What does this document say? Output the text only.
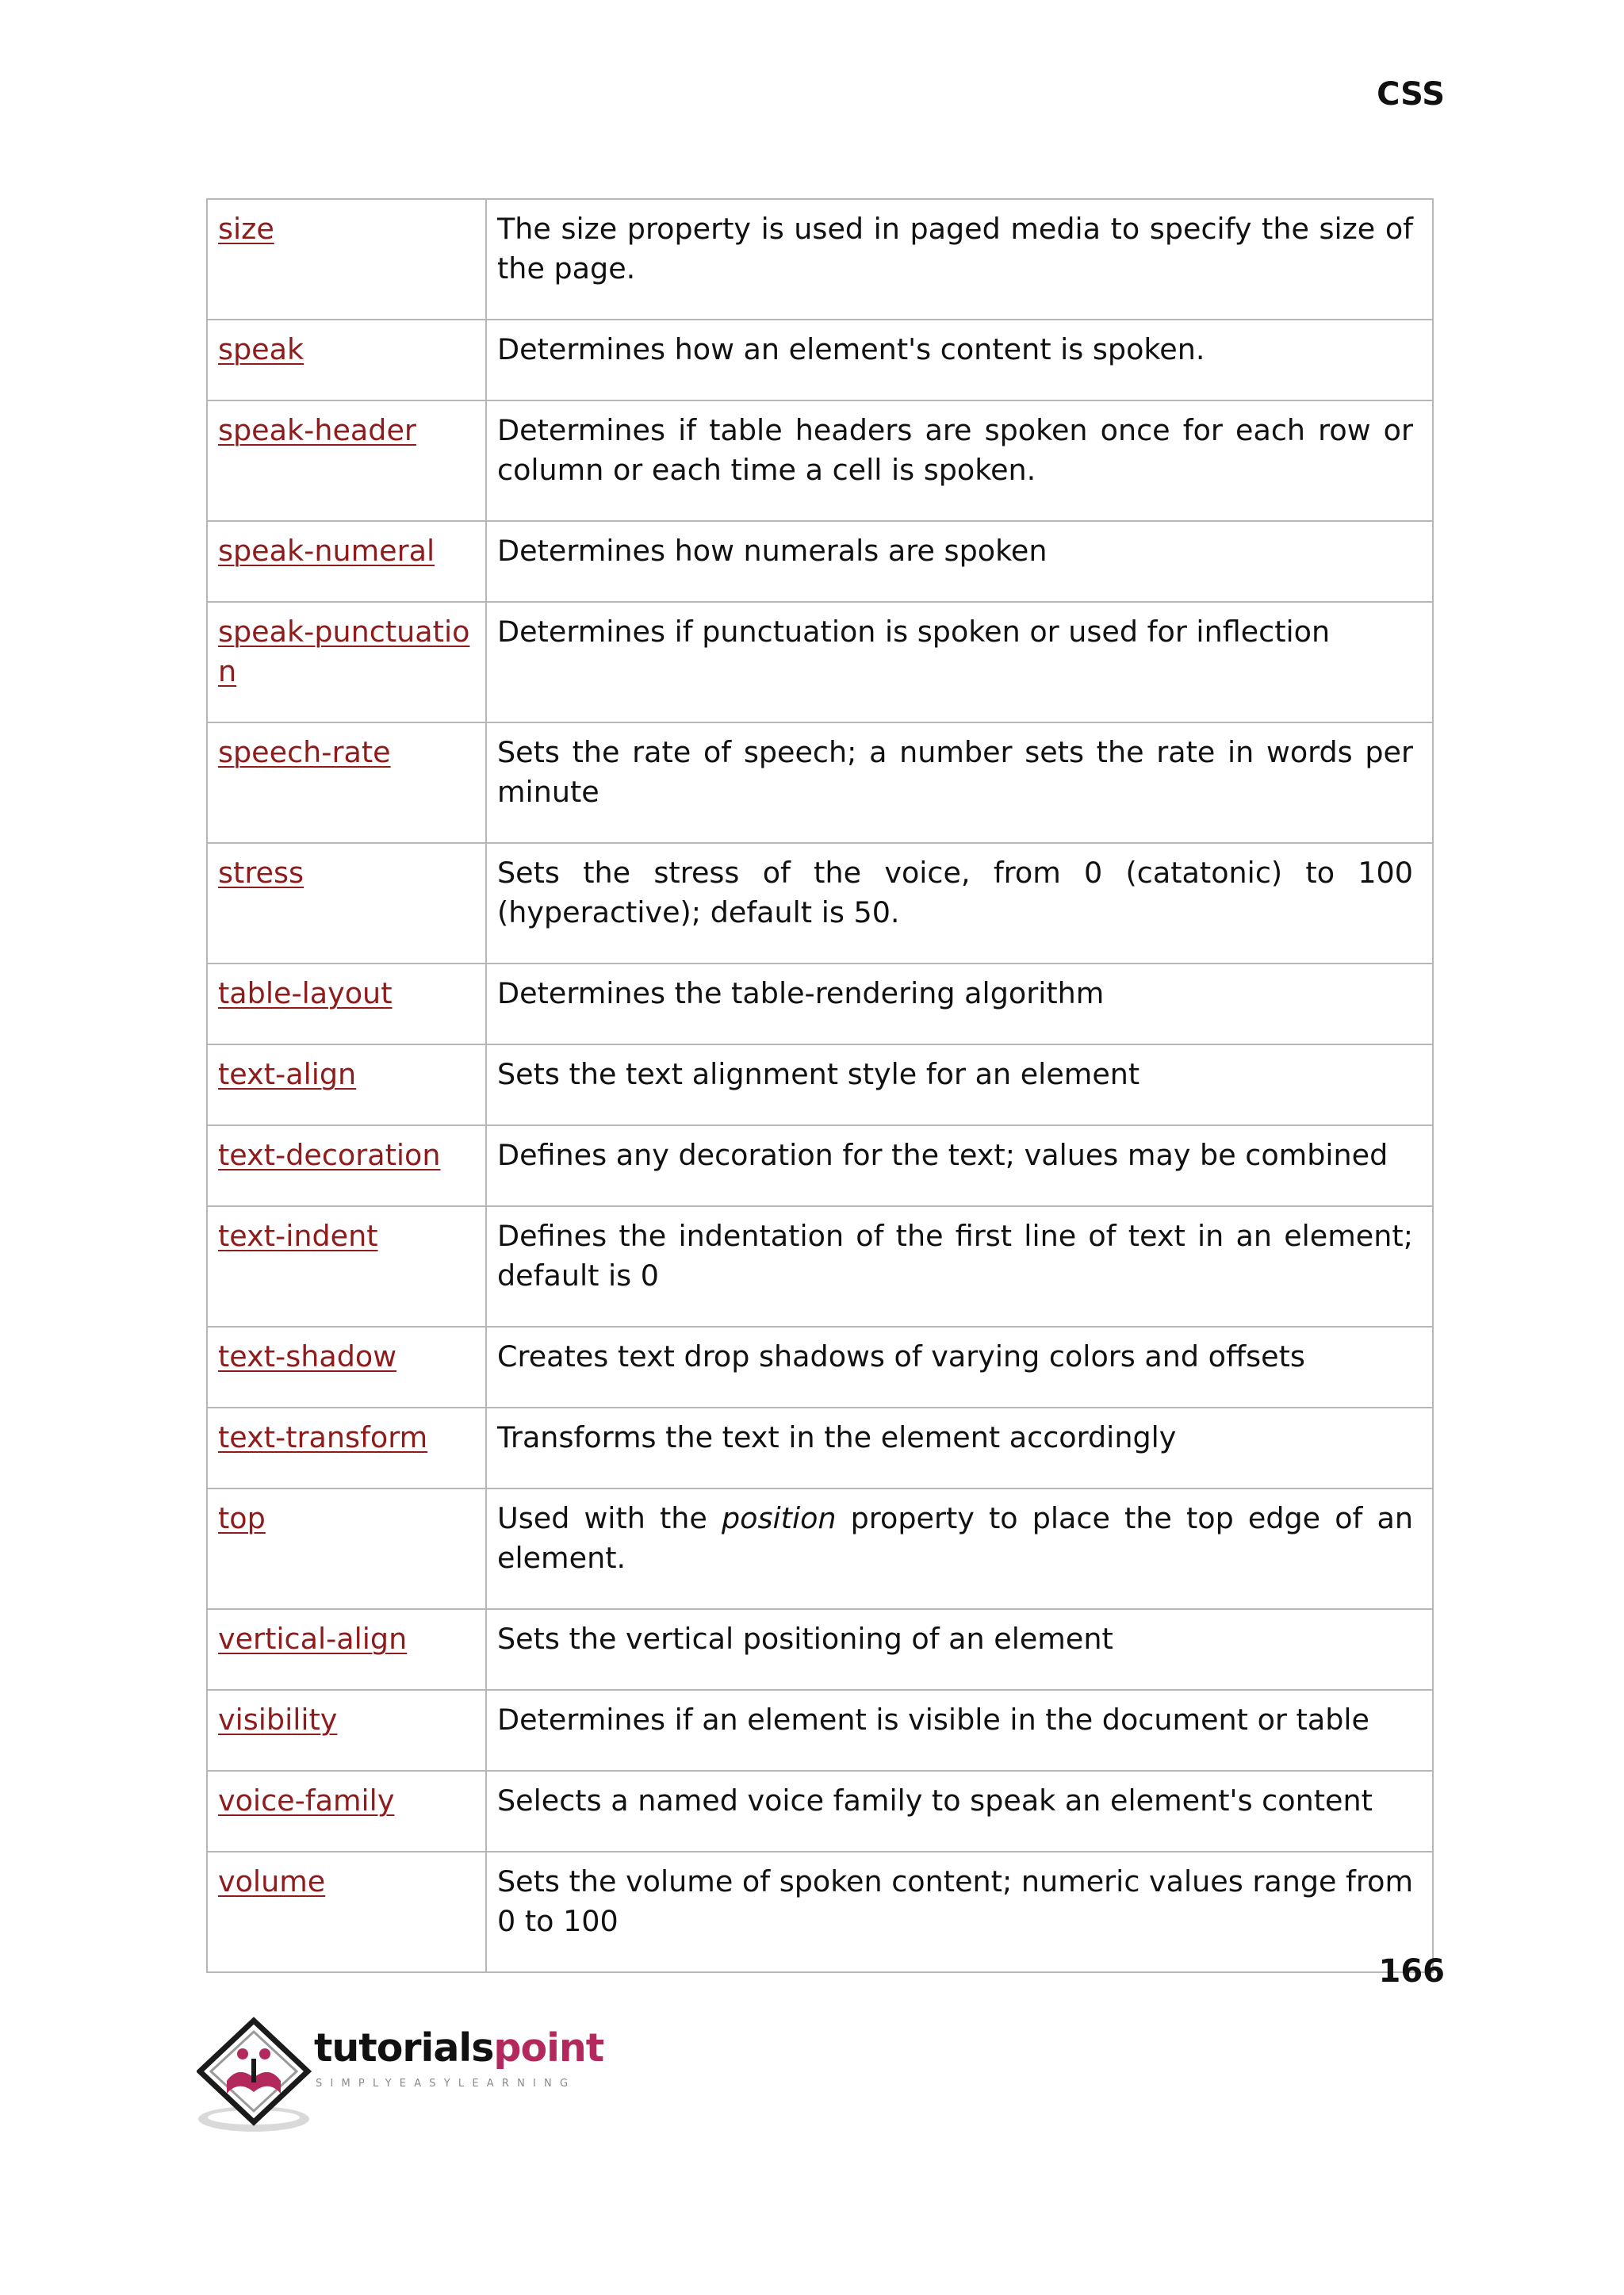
CSS
size	The size property is used in paged media to specify the size of the page.
speak	Determines how an element's content is spoken.
speak-header	Determines if table headers are spoken once for each row or column or each time a cell is spoken.
speak-numeral	Determines how numerals are spoken
speak-punctuation	Determines if punctuation is spoken or used for inflection
speech-rate	Sets the rate of speech; a number sets the rate in words per minute
stress	Sets the stress of the voice, from 0 (catatonic) to 100 (hyperactive); default is 50.
table-layout	Determines the table-rendering algorithm
text-align	Sets the text alignment style for an element
text-decoration	Defines any decoration for the text; values may be combined
text-indent	Defines the indentation of the first line of text in an element; default is 0
text-shadow	Creates text drop shadows of varying colors and offsets
text-transform	Transforms the text in the element accordingly
top	Used with the position property to place the top edge of an element.
vertical-align	Sets the vertical positioning of an element
visibility	Determines if an element is visible in the document or table
voice-family	Selects a named voice family to speak an element's content
volume	Sets the volume of spoken content; numeric values range from 0 to 100
166
tutorialspoint
SIMPLYEASYLEARNING
